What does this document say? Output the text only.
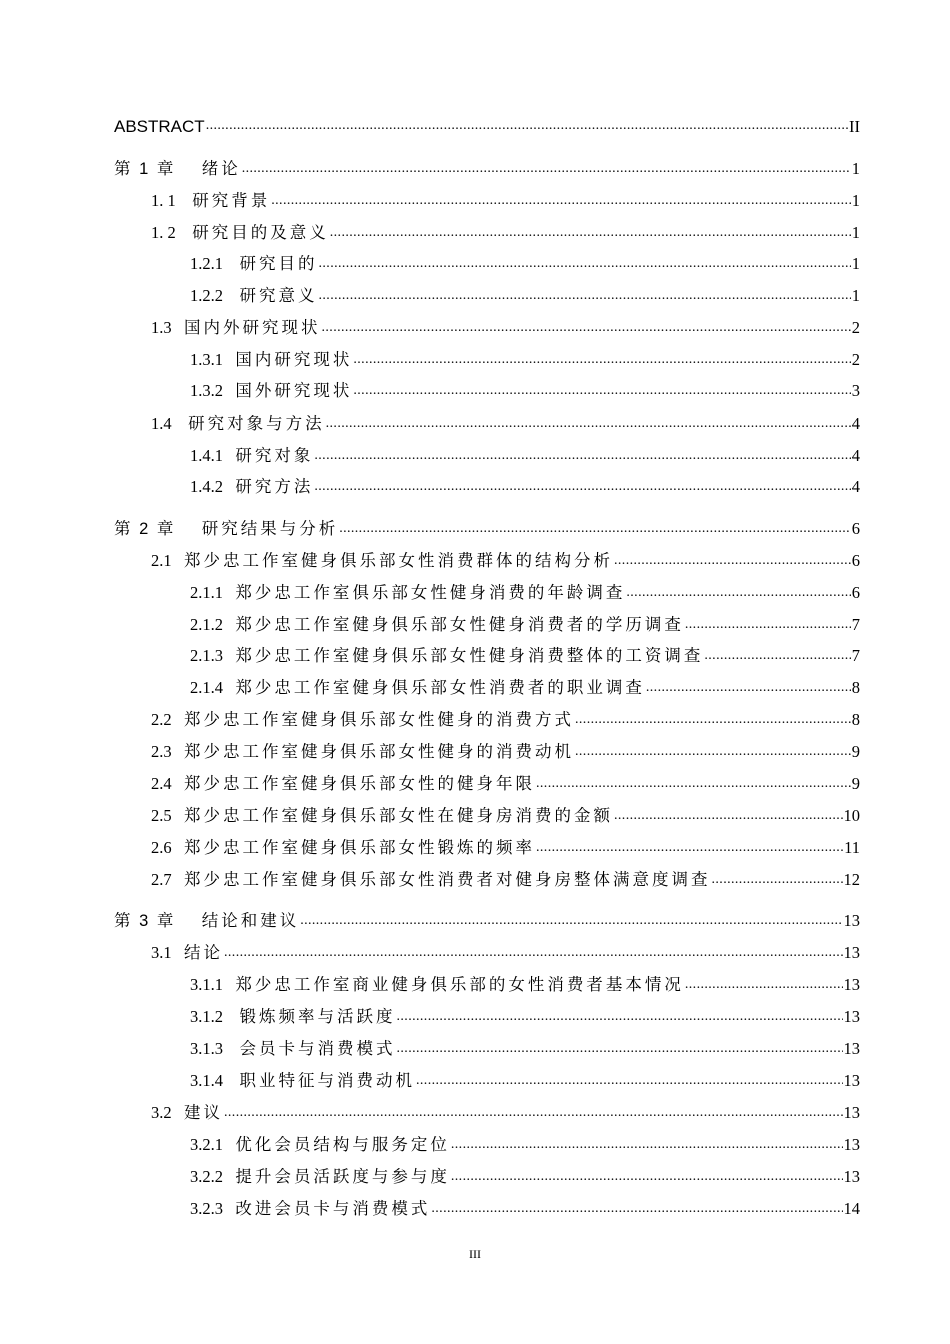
ABSTRACT .....	II
第 1 章 绪论 .....	1
1. 1 研究背景 .....	1
1. 2 研究目的及意义 .....	1
1.2.1 研究目的 .....	1
1.2.2 研究意义 .....	1
1.3 国内外研究现状 .....	2
1.3.1 国内研究现状 .....	2
1.3.2 国外研究现状 .....	3
1.4 研究对象与方法 .....	4
1.4.1 研究对象 .....	4
1.4.2 研究方法 .....	4
第 2 章 研究结果与分析 .....	6
2.1 郑少忠工作室健身俱乐部女性消费群体的结构分析 .....	6
2.1.1 郑少忠工作室俱乐部女性健身消费的年龄调查 .....	6
2.1.2 郑少忠工作室健身俱乐部女性健身消费者的学历调查 .....	7
2.1.3 郑少忠工作室健身俱乐部女性健身消费整体的工资调查 .....	7
2.1.4 郑少忠工作室健身俱乐部女性消费者的职业调查 .....	8
2.2 郑少忠工作室健身俱乐部女性健身的消费方式 .....	8
2.3 郑少忠工作室健身俱乐部女性健身的消费动机 .....	9
2.4 郑少忠工作室健身俱乐部女性的健身年限 .....	9
2.5 郑少忠工作室健身俱乐部女性在健身房消费的金额 .....	10
2.6 郑少忠工作室健身俱乐部女性锻炼的频率 .....	11
2.7 郑少忠工作室健身俱乐部女性消费者对健身房整体满意度调查 .....	12
第 3 章 结论和建议 .....	13
3.1 结论 .....	13
3.1.1 郑少忠工作室商业健身俱乐部的女性消费者基本情况 .....	13
3.1.2 锻炼频率与活跃度 .....	13
3.1.3 会员卡与消费模式 .....	13
3.1.4 职业特征与消费动机 .....	13
3.2 建议 .....	13
3.2.1 优化会员结构与服务定位 .....	13
3.2.2 提升会员活跃度与参与度 .....	13
3.2.3 改进会员卡与消费模式 .....	14
III
